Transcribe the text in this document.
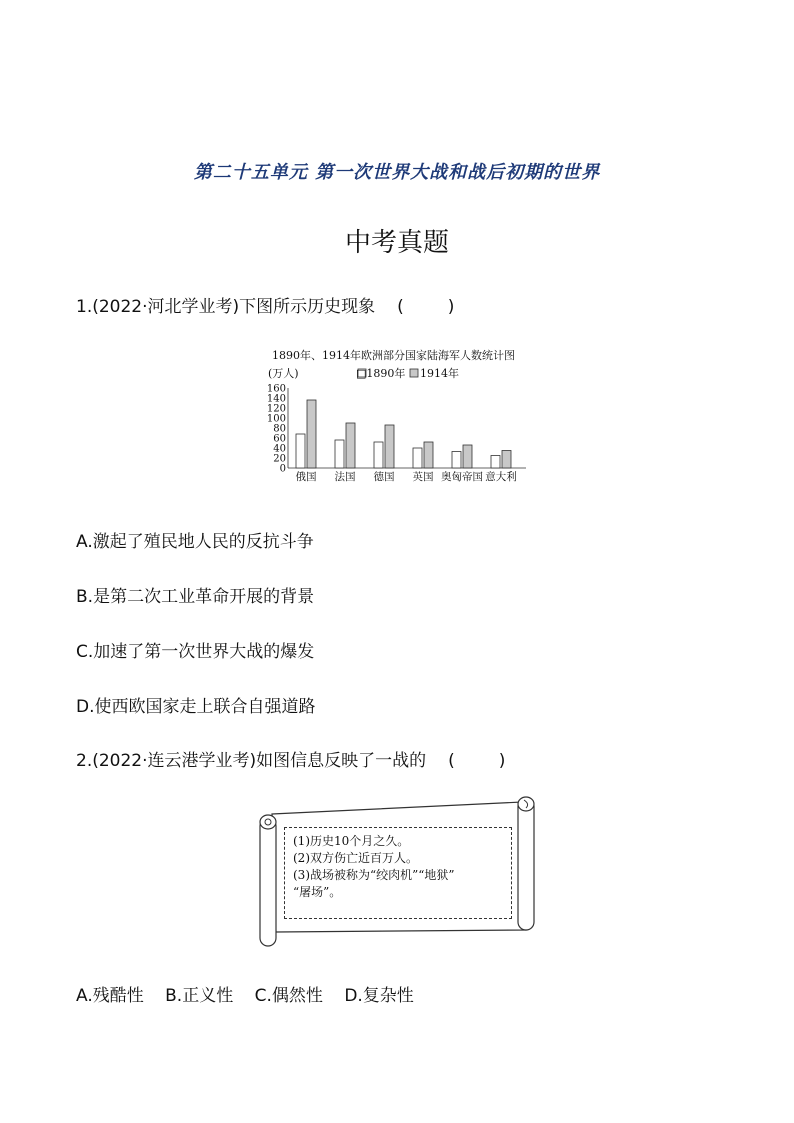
第二十五单元 第一次世界大战和战后初期的世界
中考真题
1.(2022·河北学业考)下图所示历史现象 (	)
1890年、1914年欧洲部分国家陆海军人数统计图
(万人)	□1890年 1914年
0
20
40
60
80
100
120
140
160
俄国 法国 德国 英国 奥匈帝国 意大利
A.激起了殖民地人民的反抗斗争
B.是第二次工业革命开展的背景
C.加速了第一次世界大战的爆发
D.使西欧国家走上联合自强道路
2.(2022·连云港学业考)如图信息反映了一战的 (	)
(1)历史10个月之久。
(2)双方伤亡近百万人。
(3)战场被称为“绞肉机”“地狱”
“屠场”。
A.残酷性 B.正义性 C.偶然性 D.复杂性
